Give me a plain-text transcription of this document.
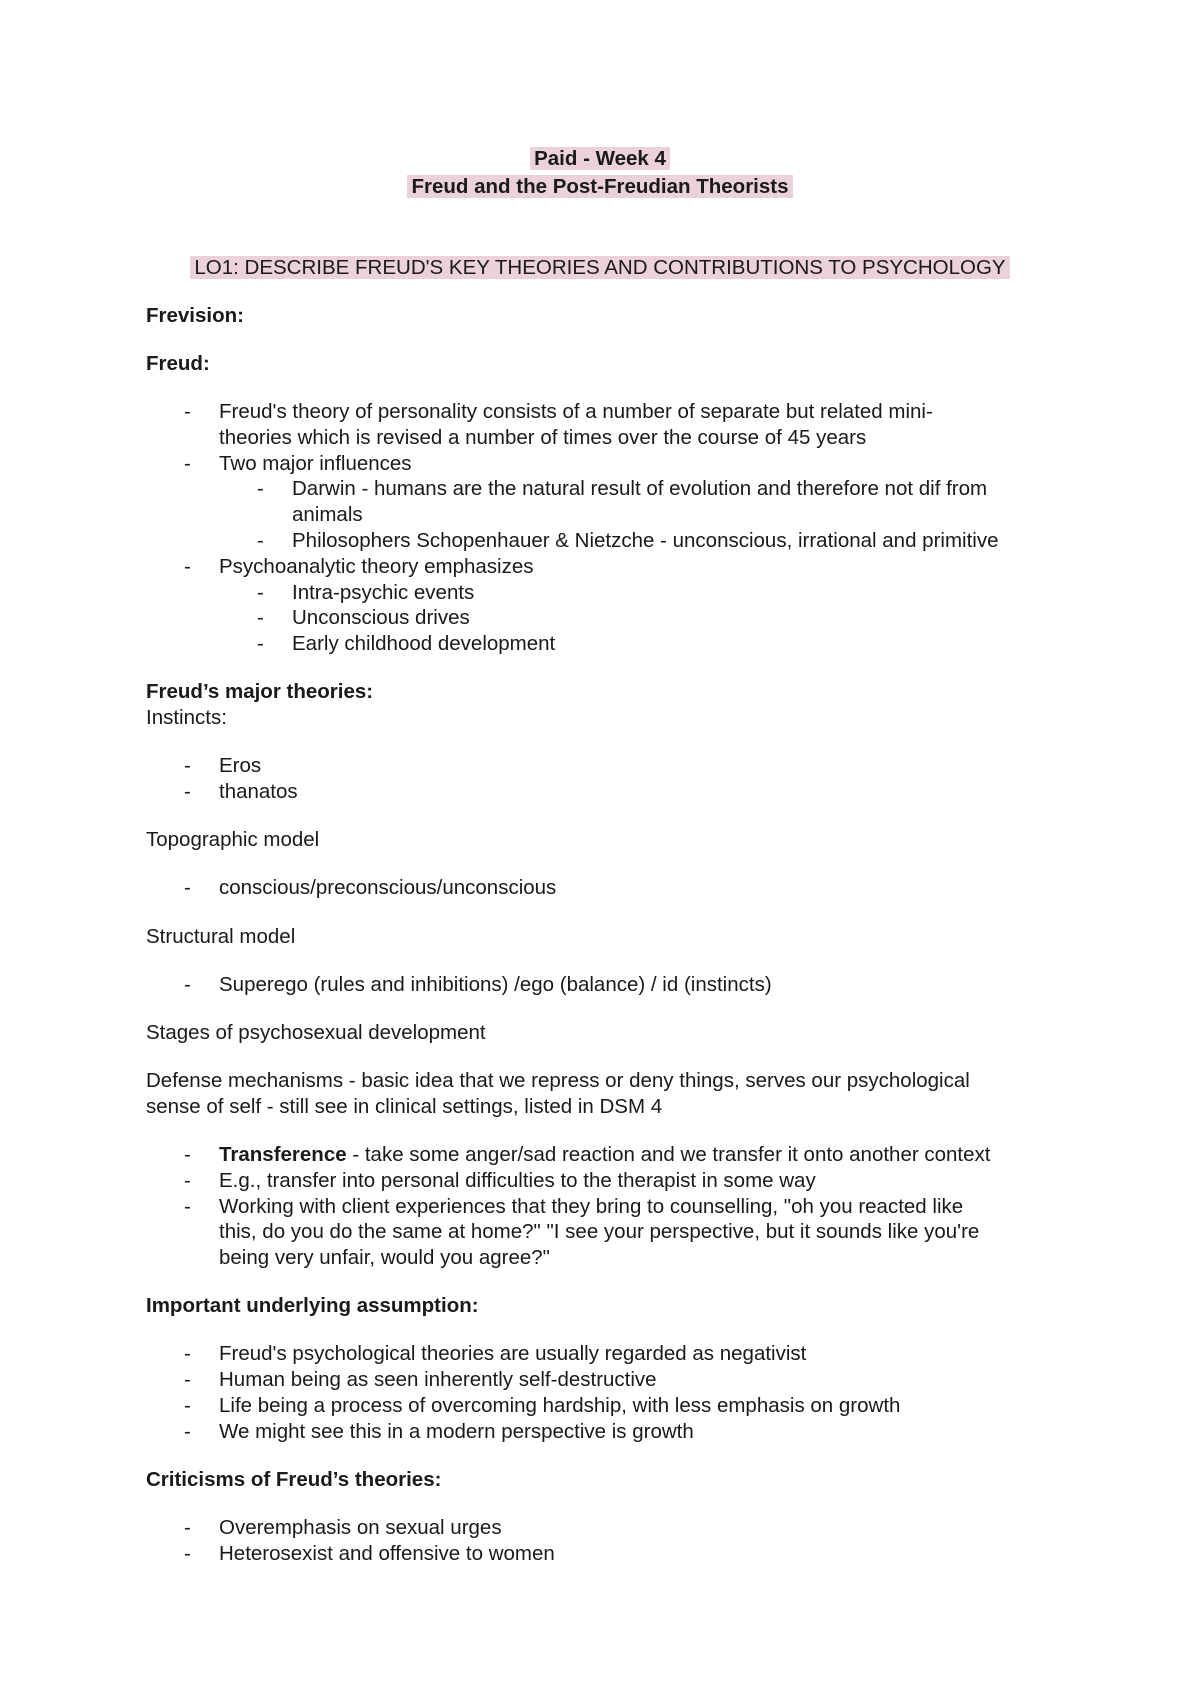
Paid - Week 4
Freud and the Post-Freudian Theorists
LO1: DESCRIBE FREUD'S KEY THEORIES AND CONTRIBUTIONS TO PSYCHOLOGY
Frevision:
Freud:
- Freud's theory of personality consists of a number of separate but related mini-
theories which is revised a number of times over the course of 45 years
- Two major influences
- Darwin - humans are the natural result of evolution and therefore not dif from
animals
- Philosophers Schopenhauer & Nietzche - unconscious, irrational and primitive
- Psychoanalytic theory emphasizes
- Intra-psychic events
- Unconscious drives
- Early childhood development
Freud’s major theories:
Instincts:
- Eros
- thanatos
Topographic model
- conscious/preconscious/unconscious
Structural model
- Superego (rules and inhibitions) /ego (balance) / id (instincts)
Stages of psychosexual development
Defense mechanisms - basic idea that we repress or deny things, serves our psychological
sense of self - still see in clinical settings, listed in DSM 4
- Transference - take some anger/sad reaction and we transfer it onto another context
- E.g., transfer into personal difficulties to the therapist in some way
- Working with client experiences that they bring to counselling, "oh you reacted like
this, do you do the same at home?" "I see your perspective, but it sounds like you're
being very unfair, would you agree?"
Important underlying assumption:
- Freud's psychological theories are usually regarded as negativist
- Human being as seen inherently self-destructive
- Life being a process of overcoming hardship, with less emphasis on growth
- We might see this in a modern perspective is growth
Criticisms of Freud’s theories:
- Overemphasis on sexual urges
- Heterosexist and offensive to women
